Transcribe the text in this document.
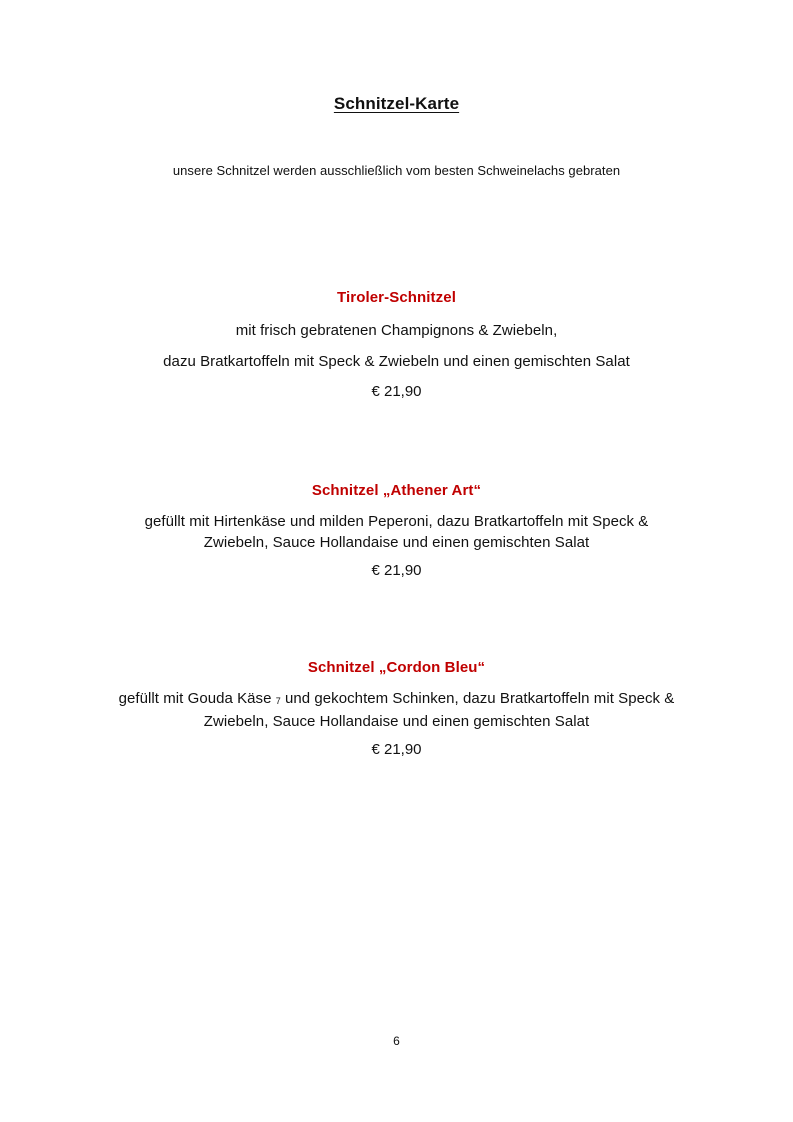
Schnitzel-Karte
unsere Schnitzel werden ausschließlich vom besten Schweinelachs gebraten
Tiroler-Schnitzel
mit frisch gebratenen Champignons & Zwiebeln,
dazu Bratkartoffeln mit Speck & Zwiebeln und einen gemischten Salat
€ 21,90
Schnitzel „Athener Art“
gefüllt mit Hirtenkäse und milden Peperoni, dazu Bratkartoffeln mit Speck &
Zwiebeln, Sauce Hollandaise und einen gemischten Salat
€ 21,90
Schnitzel „Cordon Bleu“
gefüllt mit Gouda Käse 7 und gekochtem Schinken, dazu Bratkartoffeln mit Speck &
Zwiebeln, Sauce Hollandaise und einen gemischten Salat
€ 21,90
6
